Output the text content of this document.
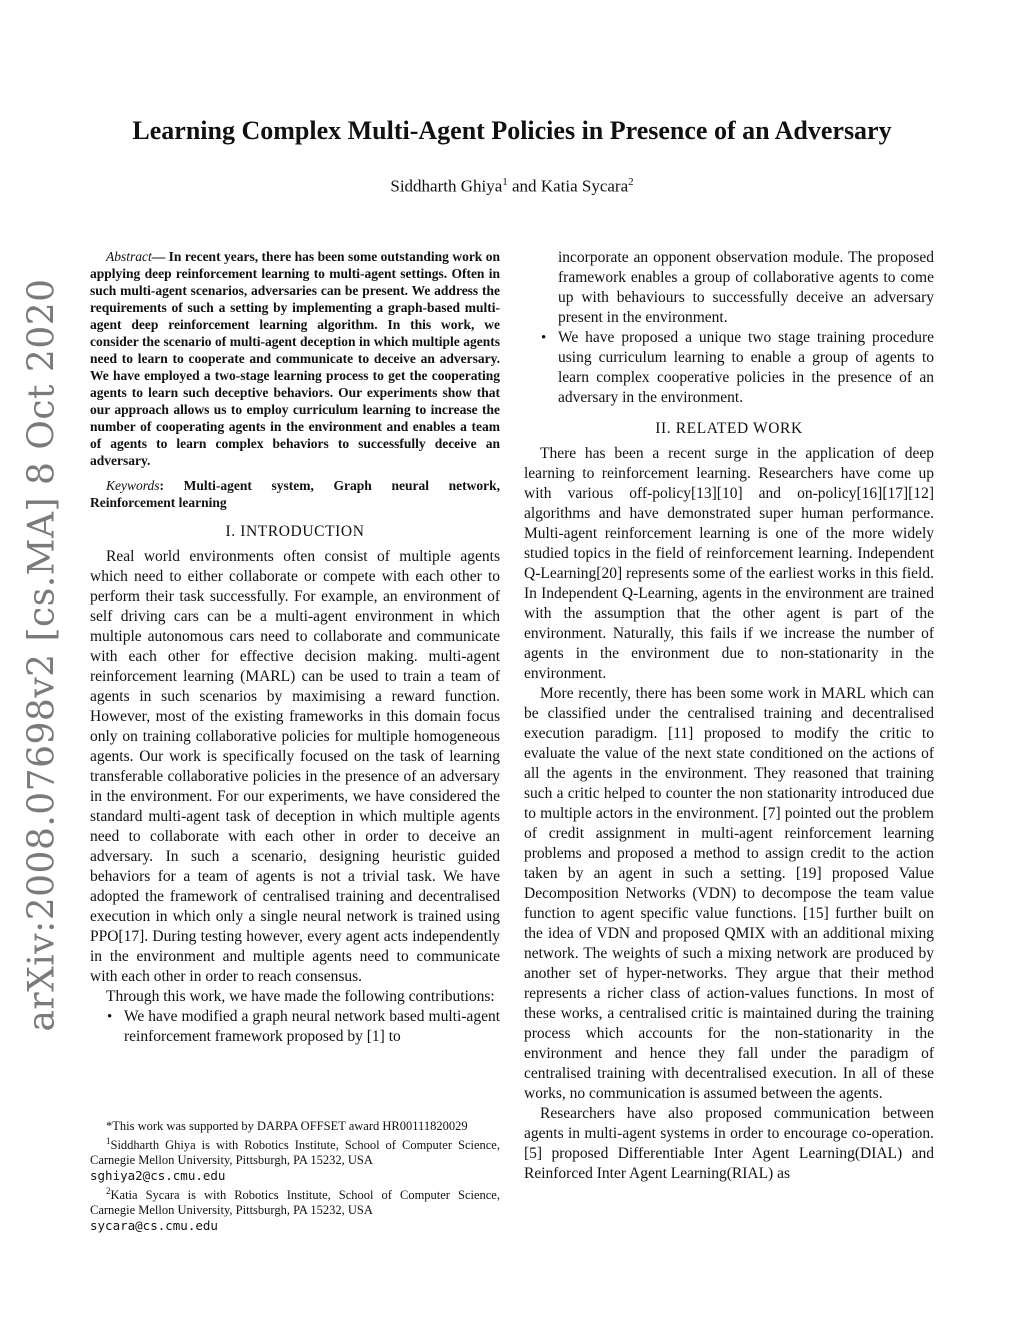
arXiv:2008.07698v2 [cs.MA] 8 Oct 2020
Learning Complex Multi-Agent Policies in Presence of an Adversary
Siddharth Ghiya$^1$ and Katia Sycara$^2$

Abstract— In recent years, there has been some outstanding work on applying deep reinforcement learning to multi-agent settings. Often in such multi-agent scenarios, adversaries can be present. We address the requirements of such a setting by implementing a graph-based multi-agent deep reinforcement learning algorithm. In this work, we consider the scenario of multi-agent deception in which multiple agents need to learn to cooperate and communicate to deceive an adversary. We have employed a two-stage learning process to get the cooperating agents to learn such deceptive behaviors. Our experiments show that our approach allows us to employ curriculum learning to increase the number of cooperating agents in the environment and enables a team of agents to learn complex behaviors to successfully deceive an adversary.

Keywords: Multi-agent system, Graph neural network, Reinforcement learning

I. INTRODUCTION

Real world environments often consist of multiple agents which need to either collaborate or compete with each other to perform their task successfully. For example, an environment of self driving cars can be a multi-agent environment in which multiple autonomous cars need to collaborate and communicate with each other for effective decision making. multi-agent reinforcement learning (MARL) can be used to train a team of agents in such scenarios by maximising a reward function. However, most of the existing frameworks in this domain focus only on training collaborative policies for multiple homogeneous agents. Our work is specifically focused on the task of learning transferable collaborative policies in the presence of an adversary in the environment. For our experiments, we have considered the standard multi-agent task of deception in which multiple agents need to collaborate with each other in order to deceive an adversary. In such a scenario, designing heuristic guided behaviors for a team of agents is not a trivial task. We have adopted the framework of centralised training and decentralised execution in which only a single neural network is trained using PPO[17]. During testing however, every agent acts independently in the environment and multiple agents need to communicate with each other in order to reach consensus.

Through this work, we have made the following contributions:

• We have modified a graph neural network based multi-agent reinforcement framework proposed by [1] to

*This work was supported by DARPA OFFSET award HR00111820029

$^1$Siddharth Ghiya is with Robotics Institute, School of Computer Science, Carnegie Mellon University, Pittsburgh, PA 15232, USA
sghiya2@cs.cmu.edu

$^2$Katia Sycara is with Robotics Institute, School of Computer Science, Carnegie Mellon University, Pittsburgh, PA 15232, USA
sycara@cs.cmu.edu

incorporate an opponent observation module. The proposed framework enables a group of collaborative agents to come up with behaviours to successfully deceive an adversary present in the environment.
• We have proposed a unique two stage training procedure using curriculum learning to enable a group of agents to learn complex cooperative policies in the presence of an adversary in the environment.
II. RELATED WORK

There has been a recent surge in the application of deep learning to reinforcement learning. Researchers have come up with various off-policy[13][10] and on-policy[16][17][12] algorithms and have demonstrated super human performance. Multi-agent reinforcement learning is one of the more widely studied topics in the field of reinforcement learning. Independent Q-Learning[20] represents some of the earliest works in this field. In Independent Q-Learning, agents in the environment are trained with the assumption that the other agent is part of the environment. Naturally, this fails if we increase the number of agents in the environment due to non-stationarity in the environment.

More recently, there has been some work in MARL which can be classified under the centralised training and decentralised execution paradigm. [11] proposed to modify the critic to evaluate the value of the next state conditioned on the actions of all the agents in the environment. They reasoned that training such a critic helped to counter the non stationarity introduced due to multiple actors in the environment. [7] pointed out the problem of credit assignment in multi-agent reinforcement learning problems and proposed a method to assign credit to the action taken by an agent in such a setting. [19] proposed Value Decomposition Networks (VDN) to decompose the team value function to agent specific value functions. [15] further built on the idea of VDN and proposed QMIX with an additional mixing network. The weights of such a mixing network are produced by another set of hyper-networks. They argue that their method represents a richer class of action-values functions. In most of these works, a centralised critic is maintained during the training process which accounts for the non-stationarity in the environment and hence they fall under the paradigm of centralised training with decentralised execution. In all of these works, no communication is assumed between the agents.

Researchers have also proposed communication between agents in multi-agent systems in order to encourage co-operation. [5] proposed Differentiable Inter Agent Learning(DIAL) and Reinforced Inter Agent Learning(RIAL) as
